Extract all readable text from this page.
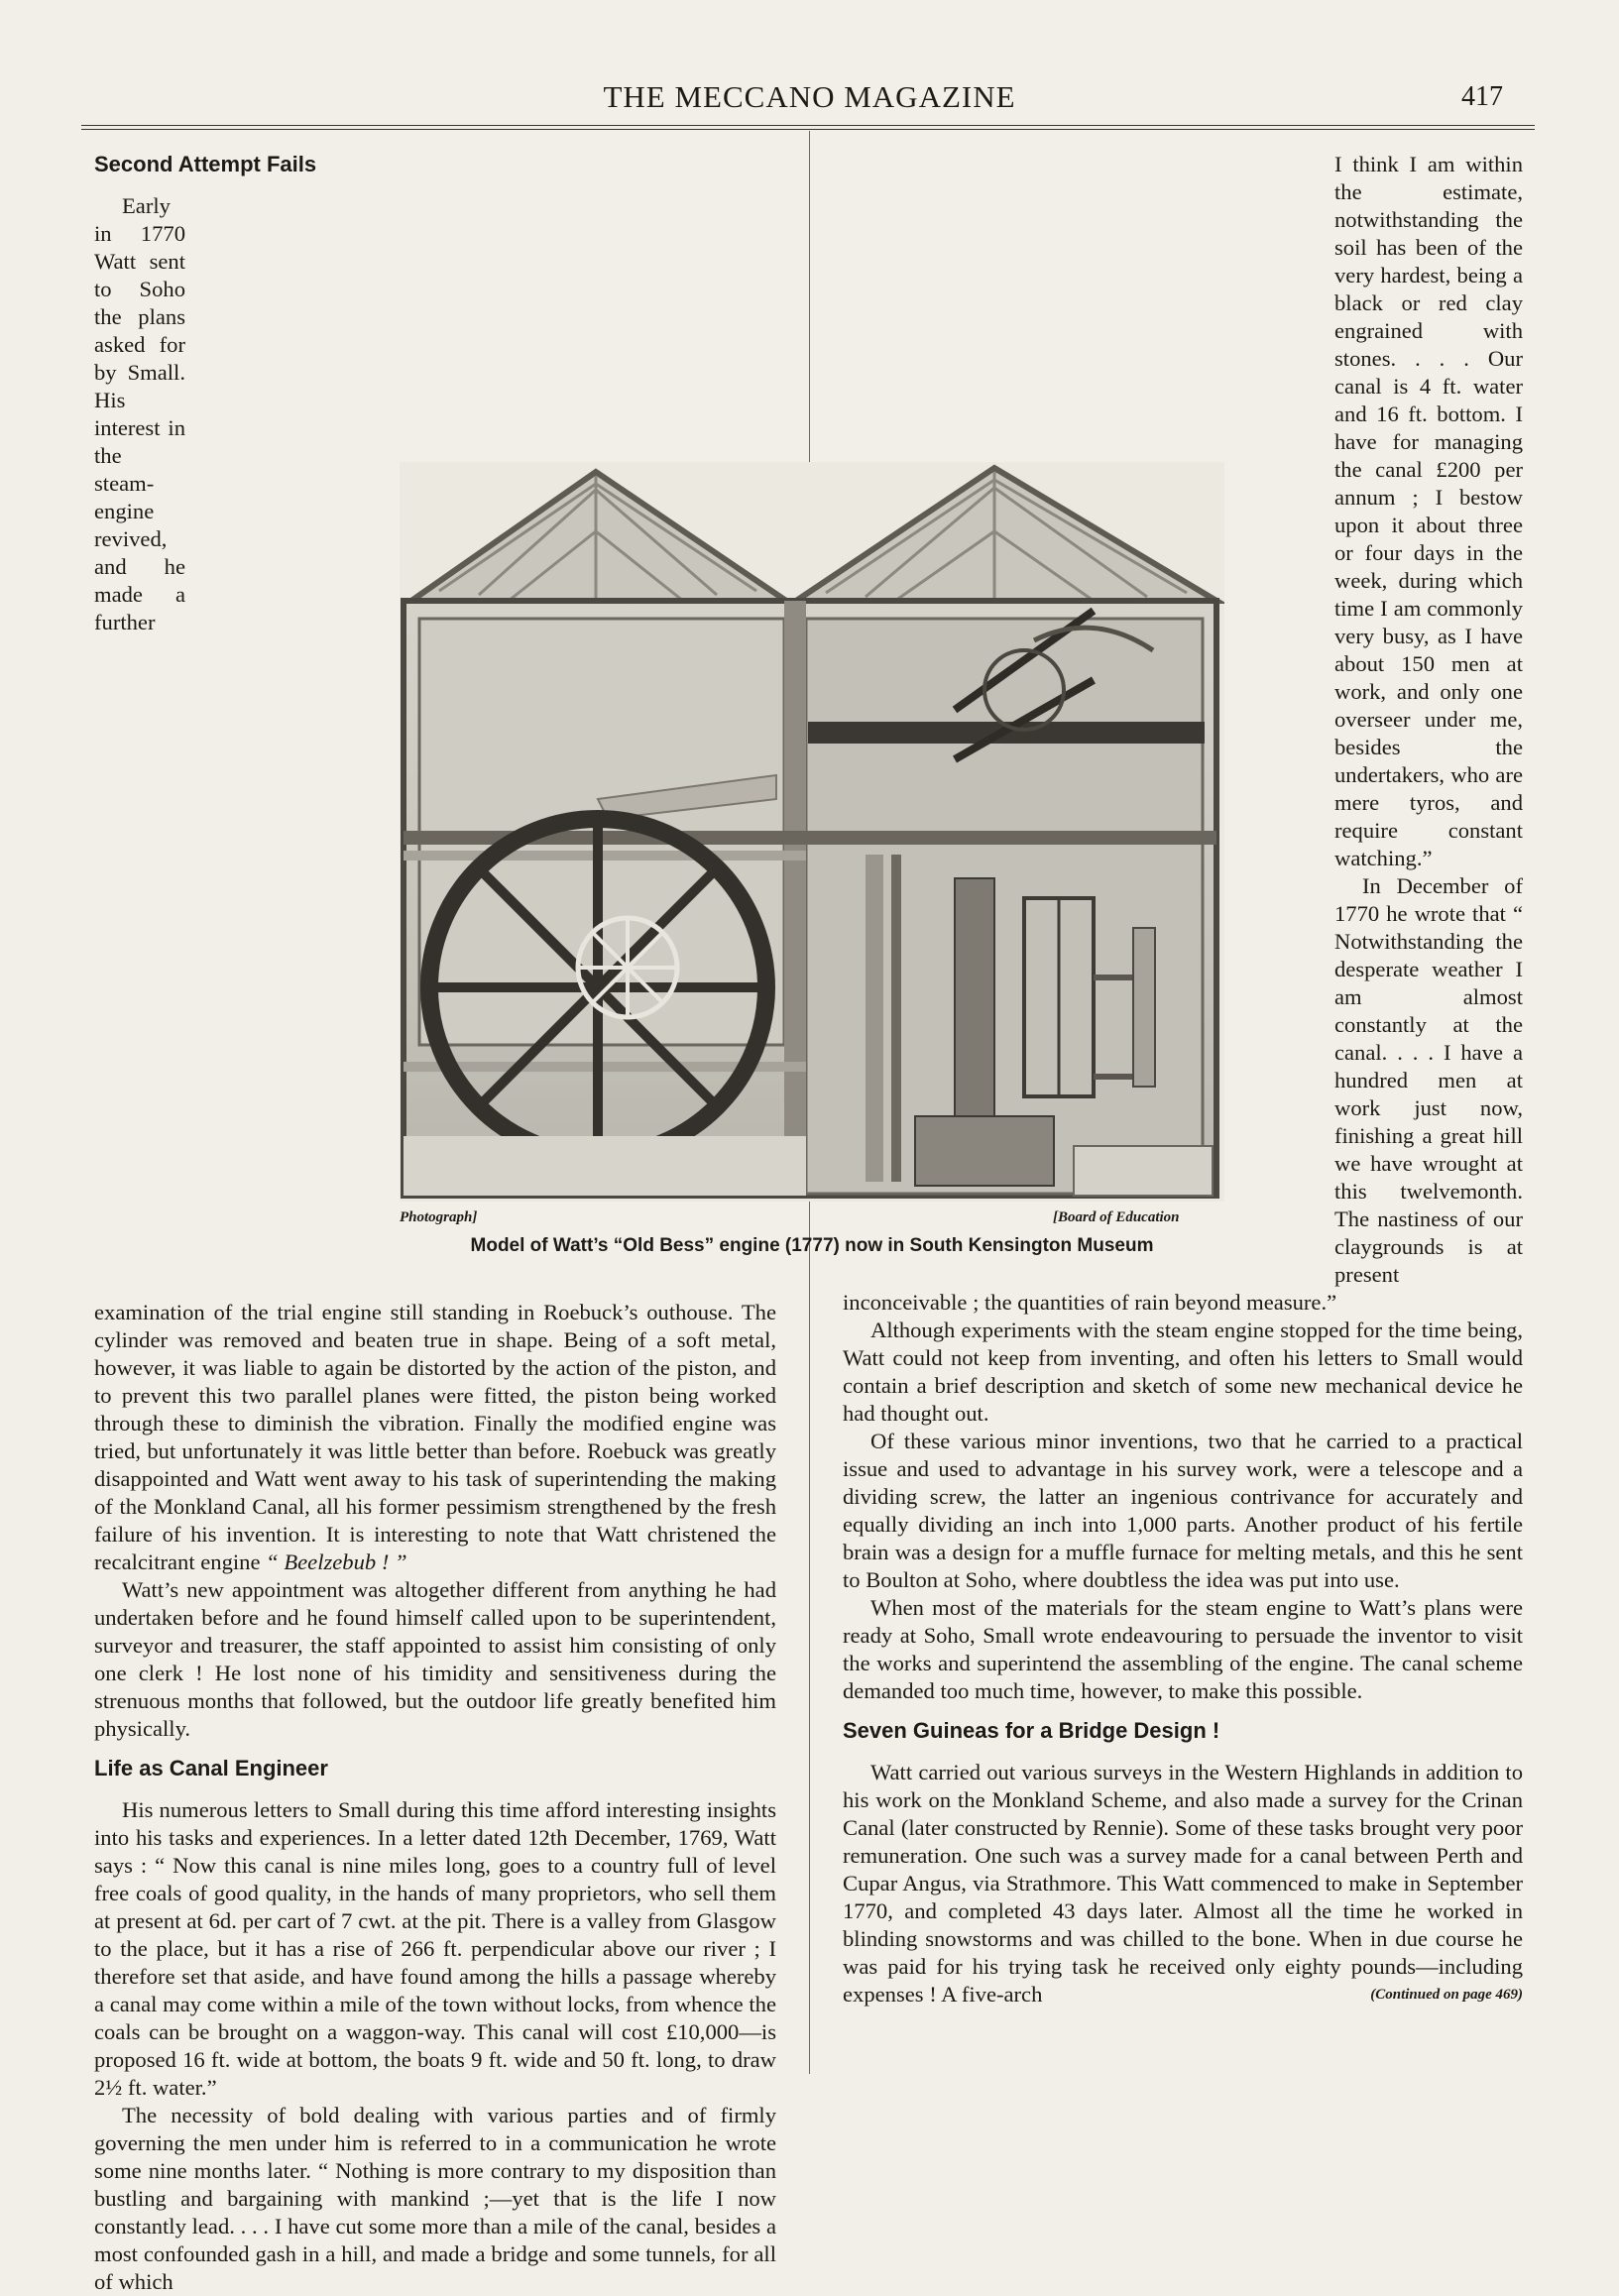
THE MECCANO MAGAZINE	417
Second Attempt Fails

Early in 1770 Watt sent to Soho the plans asked for by Small. His interest in the steam-engine revived, and he made a further examination of the trial engine still standing in Roebuck’s outhouse. The cylinder was removed and beaten true in shape. Being of a soft metal, however, it was liable to again be distorted by the action of the piston, and to prevent this two parallel planes were fitted, the piston being worked through these to diminish the vibration. Finally the modified engine was tried, but unfortunately it was little better than before. Roebuck was greatly disappointed and Watt went away to his task of superintending the making of the Monkland Canal, all his former pessimism strengthened by the fresh failure of his invention. It is interesting to note that Watt christened the recalcitrant engine “ Beelzebub ! ”

Watt’s new appointment was altogether different from anything he had undertaken before and he found himself called upon to be superintendent, surveyor and treasurer, the staff appointed to assist him consisting of only one clerk ! He lost none of his timidity and sensitiveness during the strenuous months that followed, but the outdoor life greatly benefited him physically.

Life as Canal Engineer

His numerous letters to Small during this time afford interesting insights into his tasks and experiences. In a letter dated 12th December, 1769, Watt says : “ Now this canal is nine miles long, goes to a country full of level free coals of good quality, in the hands of many proprietors, who sell them at present at 6d. per cart of 7 cwt. at the pit. There is a valley from Glasgow to the place, but it has a rise of 266 ft. perpendicular above our river ; I therefore set that aside, and have found among the hills a passage whereby a canal may come within a mile of the town without locks, from whence the coals can be brought on a waggon-way. This canal will cost £10,000—is proposed 16 ft. wide at bottom, the boats 9 ft. wide and 50 ft. long, to draw 2½ ft. water.”

The necessity of bold dealing with various parties and of firmly governing the men under him is referred to in a communication he wrote some nine months later. “ Nothing is more contrary to my disposition than bustling and bargaining with mankind ;—yet that is the life I now constantly lead. . . . I have cut some more than a mile of the canal, besides a most confounded gash in a hill, and made a bridge and some tunnels, for all of which

I think I am within the estimate, notwithstanding the soil has been of the very hardest, being a black or red clay engrained with stones. . . . Our canal is 4 ft. water and 16 ft. bottom. I have for managing the canal £200 per annum ; I bestow upon it about three or four days in the week, during which time I am commonly very busy, as I have about 150 men at work, and only one overseer under me, besides the undertakers, who are mere tyros, and require constant watching.”

In December of 1770 he wrote that “ Notwithstanding the desperate weather I am almost constantly at the canal. . . . I have a hundred men at work just now, finishing a great hill we have wrought at this twelvemonth. The nastiness of our claygrounds is at present inconceivable ; the quantities of rain beyond measure.”

Although experiments with the steam engine stopped for the time being, Watt could not keep from inventing, and often his letters to Small would contain a brief description and sketch of some new mechanical device he had thought out.

Of these various minor inventions, two that he carried to a practical issue and used to advantage in his survey work, were a telescope and a dividing screw, the latter an ingenious contrivance for accurately and equally dividing an inch into 1,000 parts. Another product of his fertile brain was a design for a muffle furnace for melting metals, and this he sent to Boulton at Soho, where doubtless the idea was put into use.

When most of the materials for the steam engine to Watt’s plans were ready at Soho, Small wrote endeavouring to persuade the inventor to visit the works and superintend the assembling of the engine. The canal scheme demanded too much time, however, to make this possible.

Seven Guineas for a Bridge Design !

Watt carried out various surveys in the Western Highlands in addition to his work on the Monkland Scheme, and also made a survey for the Crinan Canal (later constructed by Rennie). Some of these tasks brought very poor remuneration. One such was a survey made for a canal between Perth and Cupar Angus, via Strathmore. This Watt commenced to make in September 1770, and completed 43 days later. Almost all the time he worked in blinding snowstorms and was chilled to the bone. When in due course he was paid for his trying task he received only eighty pounds—including expenses ! A five-arch	(Continued on page 469)

Photograph]	[Board of Education
Model of Watt’s “Old Bess” engine (1777) now in South Kensington Museum
